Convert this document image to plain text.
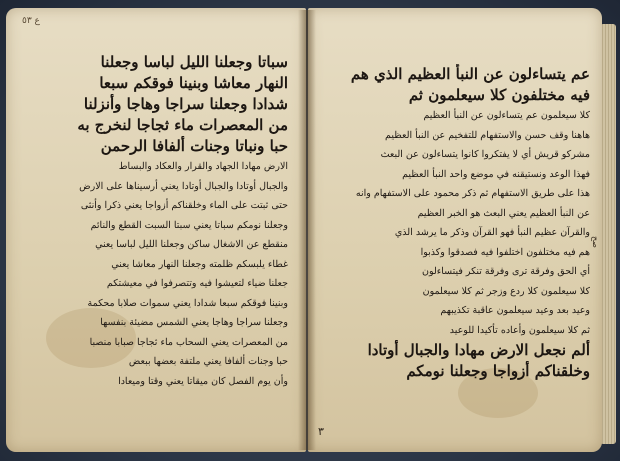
ع ٥٣
سباتا وجعلنا الليل لباسا وجعلنا
النهار معاشا وبنينا فوقكم سبعا
شدادا وجعلنا سراجا وهاجا وأنزلنا
من المعصرات ماء ثجاجا لنخرج به
حبا ونباتا وجنات ألفافا الرحمن
الارض مهادا الجهاد والقرار والعكاد والبساط
والجبال أوتادا والجبال أوتادا يعني أرسيناها على الارض
حتى ثبتت على الماء وخلقناكم أزواجا يعني ذكرا وأنثى
وجعلنا نومكم سباتا يعني سبتا السبت القطع والنائم
منقطع عن الاشغال ساكن وجعلنا الليل لباسا يعني
غطاء يلبسكم ظلمته وجعلنا النهار معاشا يعني
جعلنا ضياء لتعيشوا فيه وتتصرفوا في معيشتكم
وبنينا فوقكم سبعا شدادا يعني سموات صلابا محكمة
وجعلنا سراجا وهاجا يعني الشمس مضيئة بنفسها
من المعصرات يعني السحاب ماء ثجاجا صبابا منصبا
حبا وجنات ألفافا يعني ملتفة بعضها ببعض
وأن يوم الفصل كان ميقاتا يعني وقتا وميعادا
عم يتساءلون عن النبأ العظيم الذي هم
فيه مختلفون كلا سيعلمون ثم
كلا سيعلمون عم يتساءلون عن النبأ العظيم
هاهنا وقف حسن والاستفهام للتفخيم عن النبأ العظيم
مشركو قريش أي لا يفتكروا كانوا يتساءلون عن البعث
فهذا الوعد ونستيقنه في موضع واحد النبأ العظيم
هذا على طريق الاستفهام ثم ذكر محمود على الاستفهام وانه
عن النبأ العظيم يعني البعث هو الخبر العظيم
والقرآن عظيم النبأ فهو القرآن وذكر ما يرشد الذي
هم فيه مختلفون اختلفوا فيه فصدقوا وكذبوا
أي الحق وفرقة ترى وفرقة تنكر فيتساءلون
كلا سيعلمون كلا ردع وزجر ثم كلا سيعلمون
وعيد بعد وعيد سيعلمون عاقبة تكذيبهم
ثم كلا سيعلمون وأعاده تأكيدا للوعيد
ألم نجعل الارض مهادا والجبال أوتادا
وخلقناكم أزواجا وجعلنا نومكم
٣
صح
